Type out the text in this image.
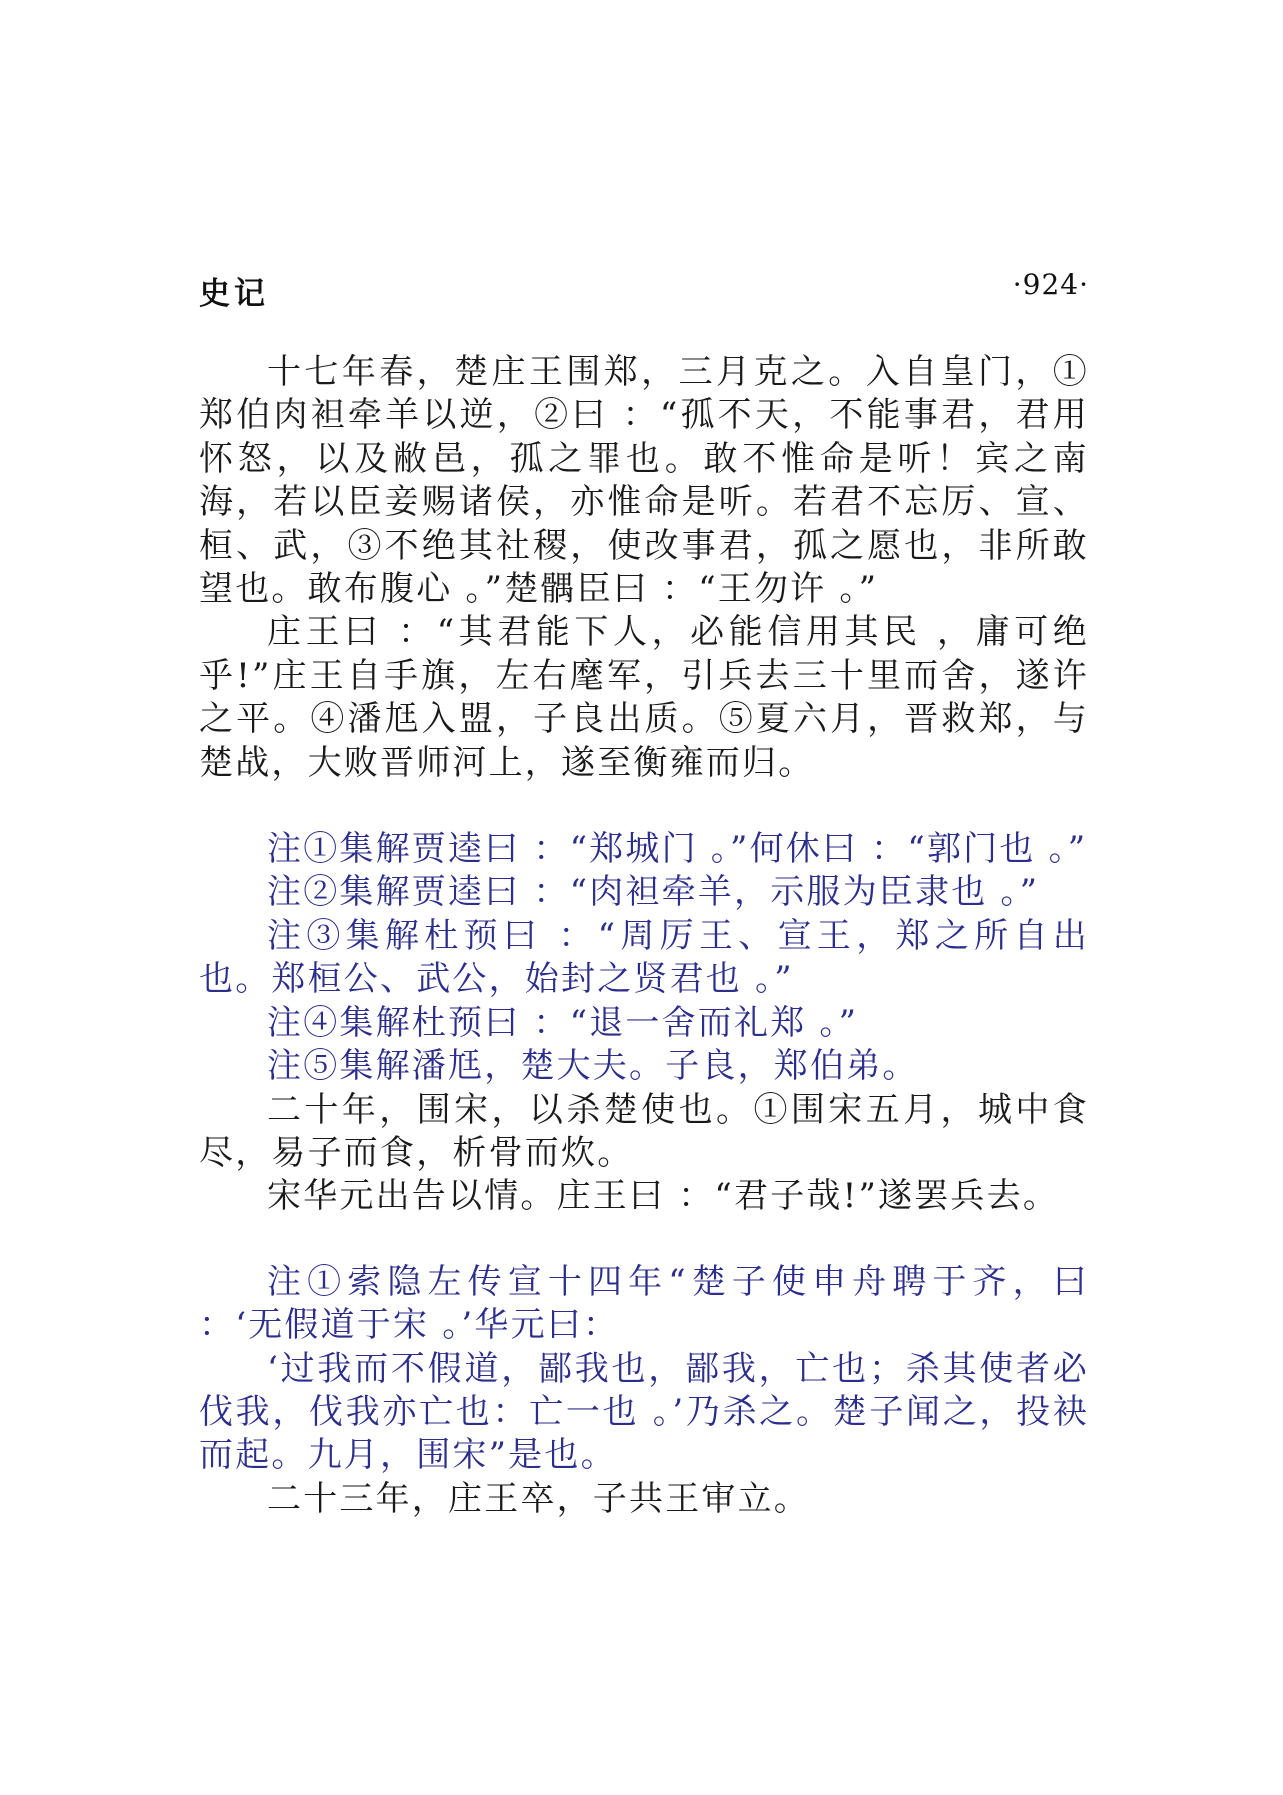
史记	·924·

十七年春，楚庄王围郑，三月克之。入自皇门，①郑伯肉袒牵羊以逆，②曰 ：“孤不天，不能事君，君用怀怒，以及敝邑，孤之罪也。敢不惟命是听！宾之南海，若以臣妾赐诸侯，亦惟命是听。若君不忘厉、宣、桓、武，③不绝其社稷，使改事君，孤之愿也，非所敢望也。敢布腹心 。”楚髃臣曰 ：“王勿许 。”

庄王曰 ：“其君能下人，必能信用其民 ，庸可绝乎!”庄王自手旗，左右麾军，引兵去三十里而舍，遂许之平。④潘尪入盟，子良出质。⑤夏六月，晋救郑，与楚战，大败晋师河上，遂至衡雍而归。

注①集解贾逵曰 ：“郑城门 。”何休曰 ：“郭门也 。”

注②集解贾逵曰 ：“肉袒牵羊，示服为臣隶也 。”

注③集解杜预曰 ：“周厉王、宣王，郑之所自出也。郑桓公、武公，始封之贤君也 。”

注④集解杜预曰 ：“退一舍而礼郑 。”

注⑤集解潘尪，楚大夫。子良，郑伯弟。

二十年，围宋，以杀楚使也。①围宋五月，城中食尽，易子而食，析骨而炊。

宋华元出告以情。庄王曰 ：“君子哉!”遂罢兵去。

注①索隐左传宣十四年“楚子使申舟聘于齐，曰 ：‘无假道于宋 。’华元曰：

‘过我而不假道，鄙我也，鄙我，亡也；杀其使者必伐我，伐我亦亡也：亡一也 。’乃杀之。楚子闻之，投袂而起。九月，围宋”是也。

二十三年，庄王卒，子共王审立。
